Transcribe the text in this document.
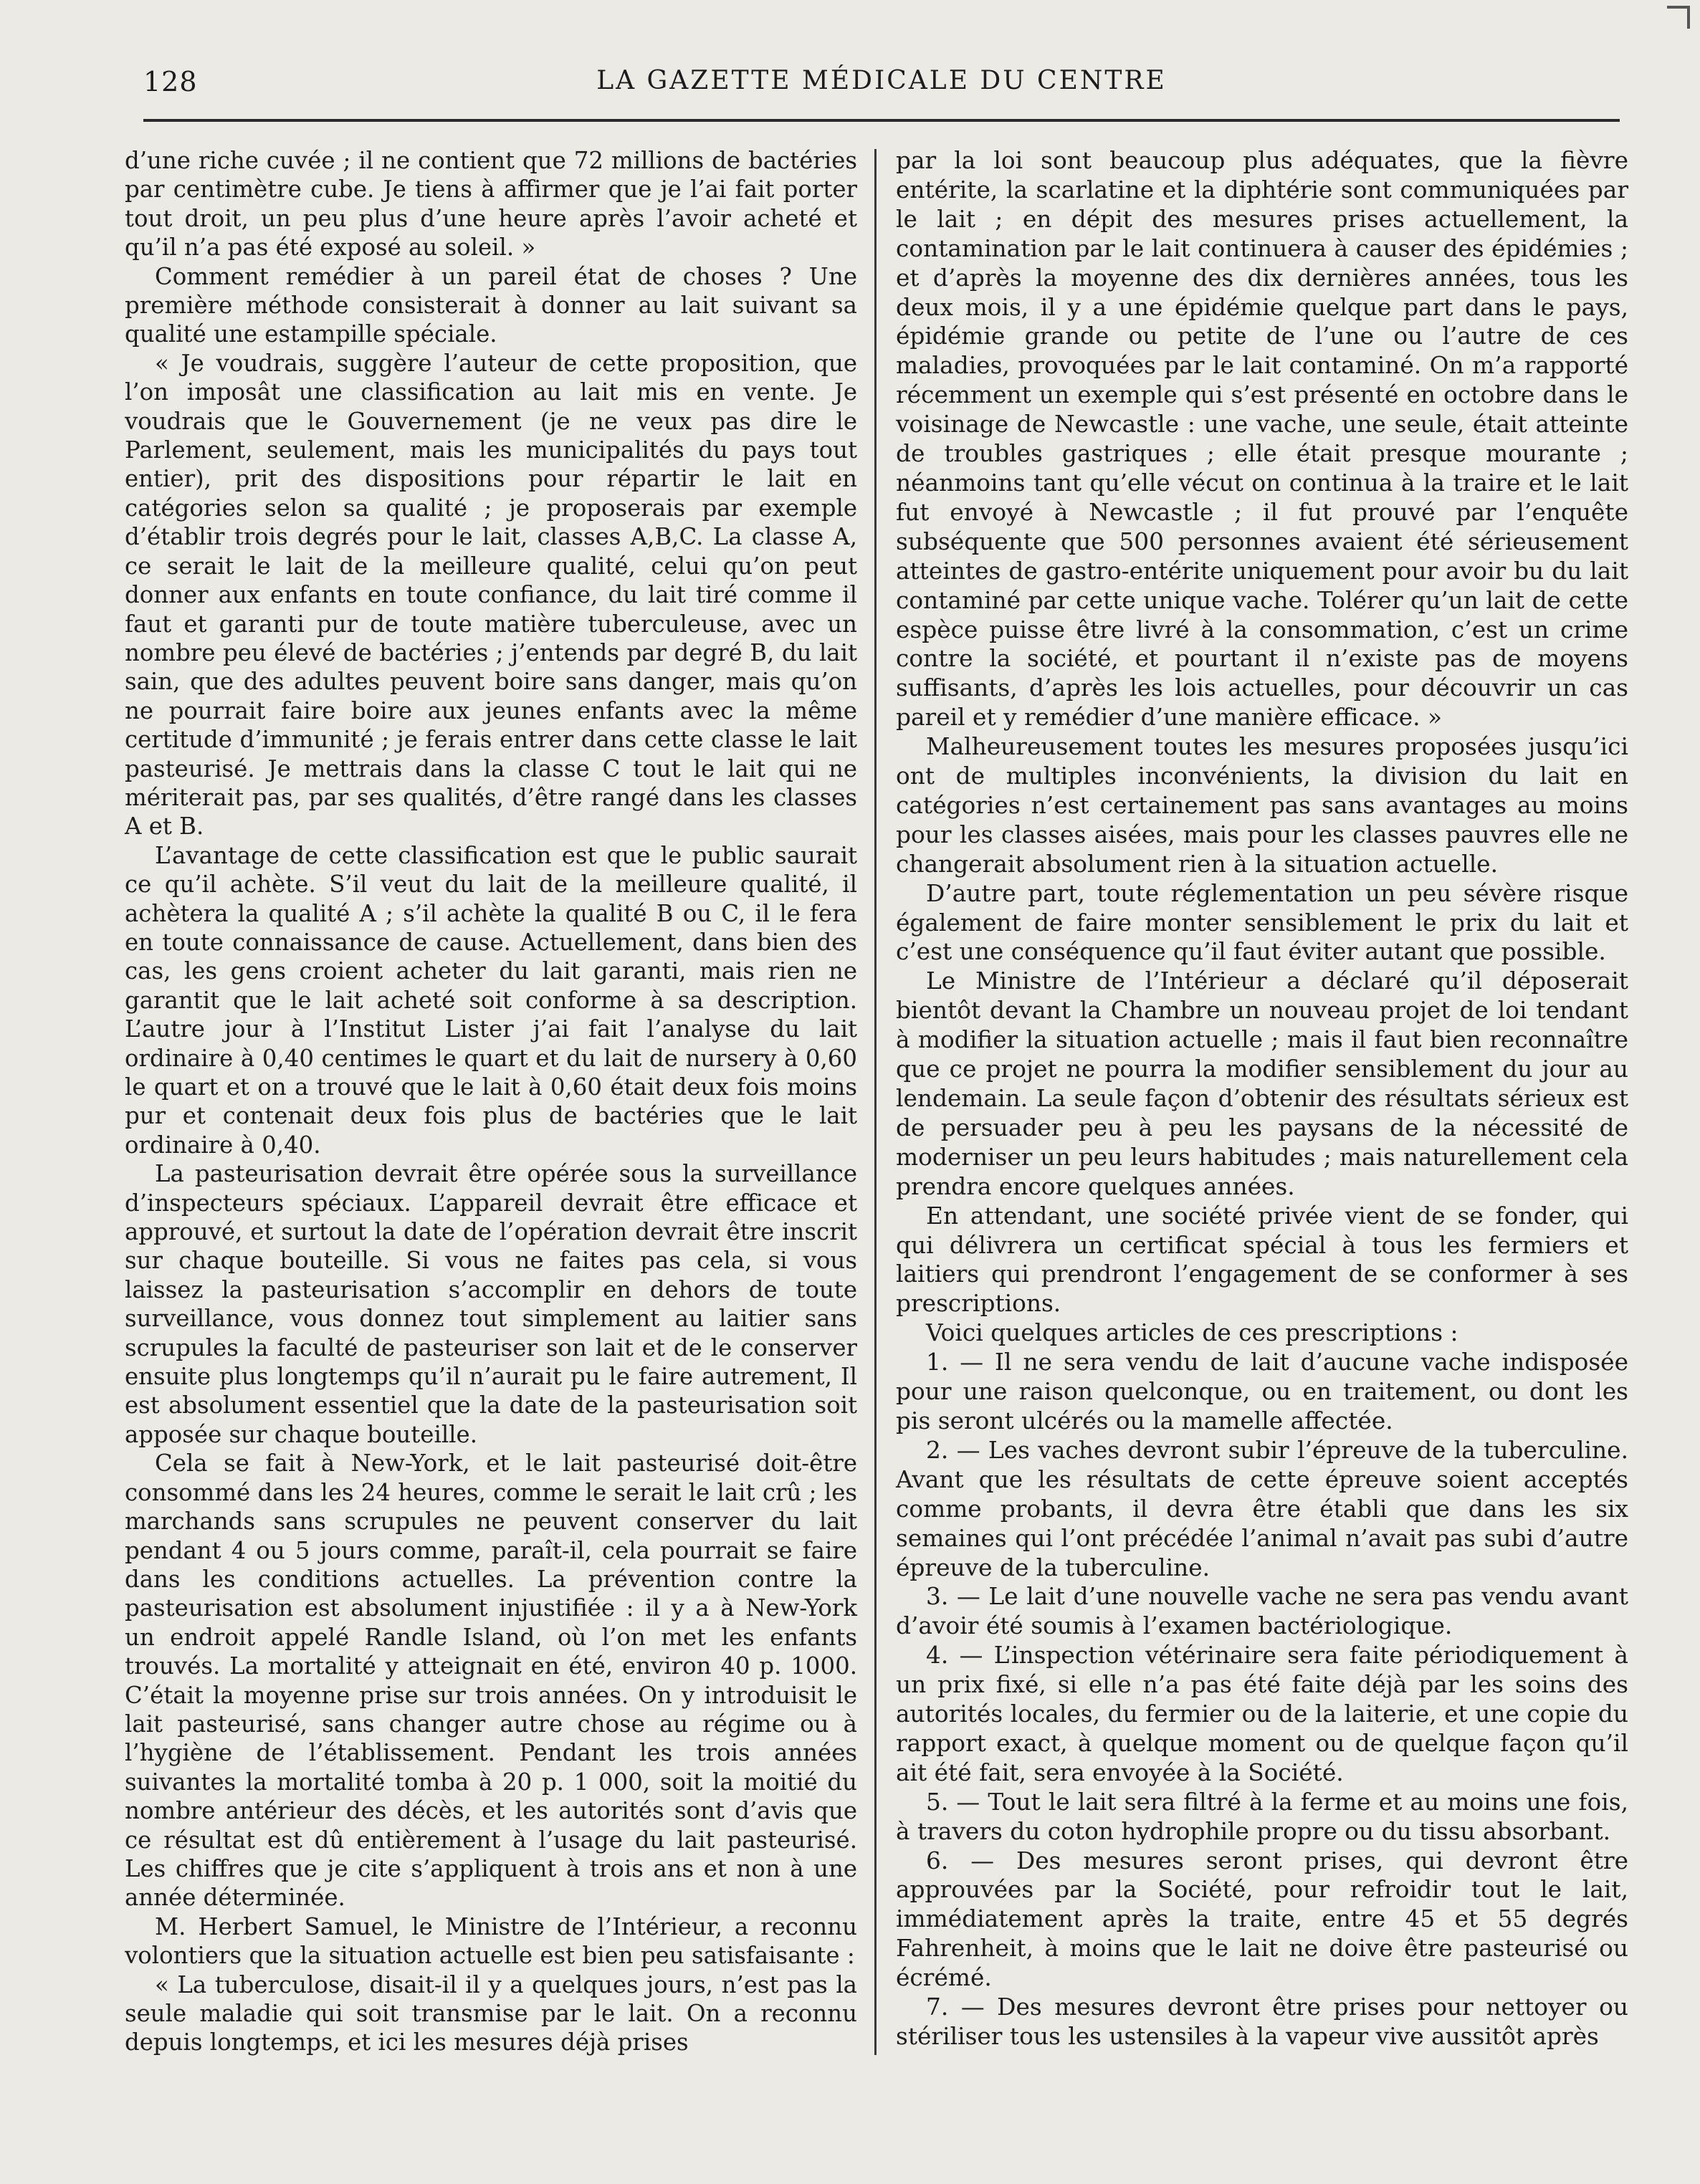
128	LA GAZETTE MÉDICALE DU CENTRE

d’une riche cuvée ; il ne contient que 72 millions de bactéries par centimètre cube. Je tiens à affirmer que je l’ai fait porter tout droit, un peu plus d’une heure après l’avoir acheté et qu’il n’a pas été exposé au soleil. »

Comment remédier à un pareil état de choses ? Une première méthode consisterait à donner au lait suivant sa qualité une estampille spéciale.

« Je voudrais, suggère l’auteur de cette proposition, que l’on imposât une classification au lait mis en vente. Je voudrais que le Gouvernement (je ne veux pas dire le Parlement, seulement, mais les municipalités du pays tout entier), prit des dispositions pour répartir le lait en catégories selon sa qualité ; je proposerais par exemple d’établir trois degrés pour le lait, classes A,B,C. La classe A, ce serait le lait de la meilleure qualité, celui qu’on peut donner aux enfants en toute confiance, du lait tiré comme il faut et garanti pur de toute matière tuberculeuse, avec un nombre peu élevé de bactéries ; j’entends par degré B, du lait sain, que des adultes peuvent boire sans danger, mais qu’on ne pourrait faire boire aux jeunes enfants avec la même certitude d’immunité ; je ferais entrer dans cette classe le lait pasteurisé. Je mettrais dans la classe C tout le lait qui ne mériterait pas, par ses qualités, d’être rangé dans les classes A et B.

L’avantage de cette classification est que le public saurait ce qu’il achète. S’il veut du lait de la meilleure qualité, il achètera la qualité A ; s’il achète la qualité B ou C, il le fera en toute connaissance de cause. Actuellement, dans bien des cas, les gens croient acheter du lait garanti, mais rien ne garantit que le lait acheté soit conforme à sa description. L’autre jour à l’Institut Lister j’ai fait l’analyse du lait ordinaire à 0,40 centimes le quart et du lait de nursery à 0,60 le quart et on a trouvé que le lait à 0,60 était deux fois moins pur et contenait deux fois plus de bactéries que le lait ordinaire à 0,40.

La pasteurisation devrait être opérée sous la surveillance d’inspecteurs spéciaux. L’appareil devrait être efficace et approuvé, et surtout la date de l’opération devrait être inscrit sur chaque bouteille. Si vous ne faites pas cela, si vous laissez la pasteurisation s’accomplir en dehors de toute surveillance, vous donnez tout simplement au laitier sans scrupules la faculté de pasteuriser son lait et de le conserver ensuite plus longtemps qu’il n’aurait pu le faire autrement, Il est absolument essentiel que la date de la pasteurisation soit apposée sur chaque bouteille.

Cela se fait à New-York, et le lait pasteurisé doit-être consommé dans les 24 heures, comme le serait le lait crû ; les marchands sans scrupules ne peuvent conserver du lait pendant 4 ou 5 jours comme, paraît-il, cela pourrait se faire dans les conditions actuelles. La prévention contre la pasteurisation est absolument injustifiée : il y a à New-York un endroit appelé Randle Island, où l’on met les enfants trouvés. La mortalité y atteignait en été, environ 40 p. 1000. C’était la moyenne prise sur trois années. On y introduisit le lait pasteurisé, sans changer autre chose au régime ou à l’hygiène de l’établissement. Pendant les trois années suivantes la mortalité tomba à 20 p. 1 000, soit la moitié du nombre antérieur des décès, et les autorités sont d’avis que ce résultat est dû entièrement à l’usage du lait pasteurisé. Les chiffres que je cite s’appliquent à trois ans et non à une année déterminée.

M. Herbert Samuel, le Ministre de l’Intérieur, a reconnu volontiers que la situation actuelle est bien peu satisfaisante :

« La tuberculose, disait-il il y a quelques jours, n’est pas la seule maladie qui soit transmise par le lait. On a reconnu depuis longtemps, et ici les mesures déjà prises

par la loi sont beaucoup plus adéquates, que la fièvre entérite, la scarlatine et la diphtérie sont communiquées par le lait ; en dépit des mesures prises actuellement, la contamination par le lait continuera à causer des épidémies ; et d’après la moyenne des dix dernières années, tous les deux mois, il y a une épidémie quelque part dans le pays, épidémie grande ou petite de l’une ou l’autre de ces maladies, provoquées par le lait contaminé. On m’a rapporté récemment un exemple qui s’est présenté en octobre dans le voisinage de Newcastle : une vache, une seule, était atteinte de troubles gastriques ; elle était presque mourante ; néanmoins tant qu’elle vécut on continua à la traire et le lait fut envoyé à Newcastle ; il fut prouvé par l’enquête subséquente que 500 personnes avaient été sérieusement atteintes de gastro-entérite uniquement pour avoir bu du lait contaminé par cette unique vache. Tolérer qu’un lait de cette espèce puisse être livré à la consommation, c’est un crime contre la société, et pourtant il n’existe pas de moyens suffisants, d’après les lois actuelles, pour découvrir un cas pareil et y remédier d’une manière efficace. »

Malheureusement toutes les mesures proposées jusqu’ici ont de multiples inconvénients, la division du lait en catégories n’est certainement pas sans avantages au moins pour les classes aisées, mais pour les classes pauvres elle ne changerait absolument rien à la situation actuelle.

D’autre part, toute réglementation un peu sévère risque également de faire monter sensiblement le prix du lait et c’est une conséquence qu’il faut éviter autant que possible.

Le Ministre de l’Intérieur a déclaré qu’il déposerait bientôt devant la Chambre un nouveau projet de loi tendant à modifier la situation actuelle ; mais il faut bien reconnaître que ce projet ne pourra la modifier sensiblement du jour au lendemain. La seule façon d’obtenir des résultats sérieux est de persuader peu à peu les paysans de la nécessité de moderniser un peu leurs habitudes ; mais naturellement cela prendra encore quelques années.

En attendant, une société privée vient de se fonder, qui qui délivrera un certificat spécial à tous les fermiers et laitiers qui prendront l’engagement de se conformer à ses prescriptions.

Voici quelques articles de ces prescriptions :

1. — Il ne sera vendu de lait d’aucune vache indisposée pour une raison quelconque, ou en traitement, ou dont les pis seront ulcérés ou la mamelle affectée.

2. — Les vaches devront subir l’épreuve de la tuberculine. Avant que les résultats de cette épreuve soient acceptés comme probants, il devra être établi que dans les six semaines qui l’ont précédée l’animal n’avait pas subi d’autre épreuve de la tuberculine.

3. — Le lait d’une nouvelle vache ne sera pas vendu avant d’avoir été soumis à l’examen bactériologique.

4. — L’inspection vétérinaire sera faite périodiquement à un prix fixé, si elle n’a pas été faite déjà par les soins des autorités locales, du fermier ou de la laiterie, et une copie du rapport exact, à quelque moment ou de quelque façon qu’il ait été fait, sera envoyée à la Société.

5. — Tout le lait sera filtré à la ferme et au moins une fois, à travers du coton hydrophile propre ou du tissu absorbant.

6. — Des mesures seront prises, qui devront être approuvées par la Société, pour refroidir tout le lait, immédiatement après la traite, entre 45 et 55 degrés Fahrenheit, à moins que le lait ne doive être pasteurisé ou écrémé.

7. — Des mesures devront être prises pour nettoyer ou stériliser tous les ustensiles à la vapeur vive aussitôt après
